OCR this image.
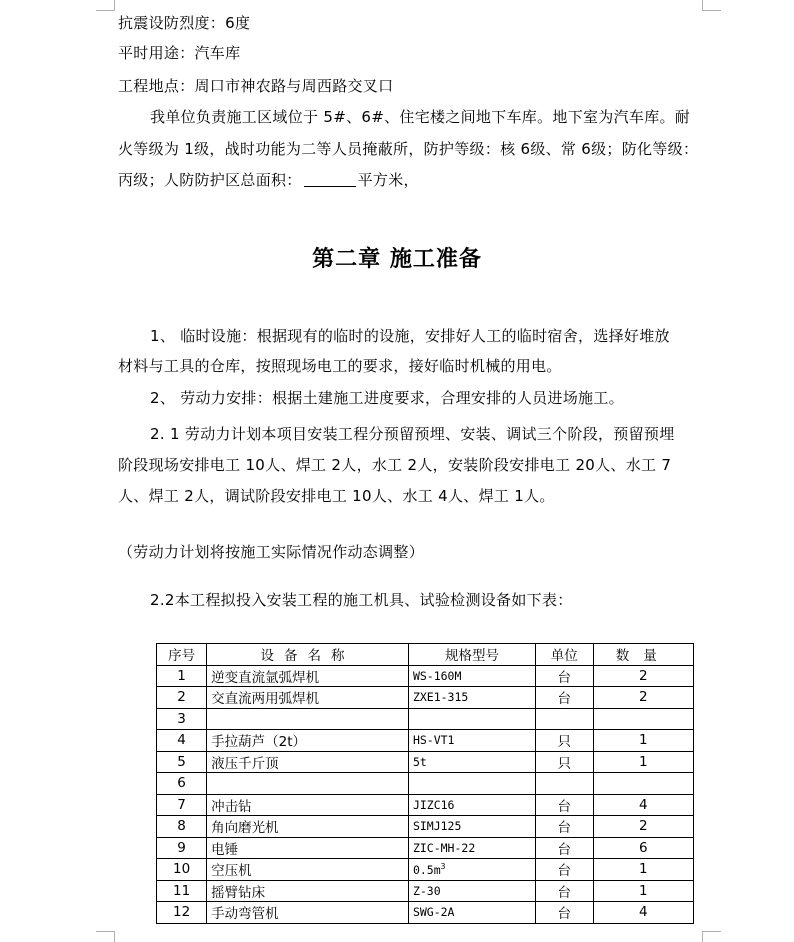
抗震设防烈度：6度
平时用途：汽车库
工程地点：周口市神农路与周西路交叉口
我单位负责施工区域位于 5#、6#、住宅楼之间地下车库。地下室为汽车库。耐
火等级为 1级，战时功能为二等人员掩蔽所，防护等级：核 6级、常 6级；防化等级：
丙级；人防防护区总面积：	平方米，
第二章 施工准备
1、 临时设施：根据现有的临时的设施，安排好人工的临时宿舍，选择好堆放
材料与工具的仓库，按照现场电工的要求，接好临时机械的用电。
2、 劳动力安排：根据土建施工进度要求，合理安排的人员进场施工。
2. 1 劳动力计划本项目安装工程分预留预埋、安装、调试三个阶段，预留预埋
阶段现场安排电工 10人、焊工 2人，水工 2人，安装阶段安排电工 20人、水工 7
人、焊工 2人，调试阶段安排电工 10人、水工 4人、焊工 1人。
（劳动力计划将按施工实际情况作动态调整）
2.2本工程拟投入安装工程的施工机具、试验检测设备如下表：
序号	设备名称	规格型号	单位	数量
1	逆变直流氩弧焊机	WS-160M	台	2
2	交直流两用弧焊机	ZXE1-315	台	2
3				
4	手拉葫芦（2t）	HS-VT1	只	1
5	液压千斤顶	5t	只	1
6				
7	冲击钻	JIZC16	台	4
8	角向磨光机	SIMJ125	台	2
9	电锤	ZIC-MH-22	台	6
10	空压机	$0.5m^3$	台	1
11	摇臂钻床	Z-30	台	1
12	手动弯管机	SWG-2A	台	4
